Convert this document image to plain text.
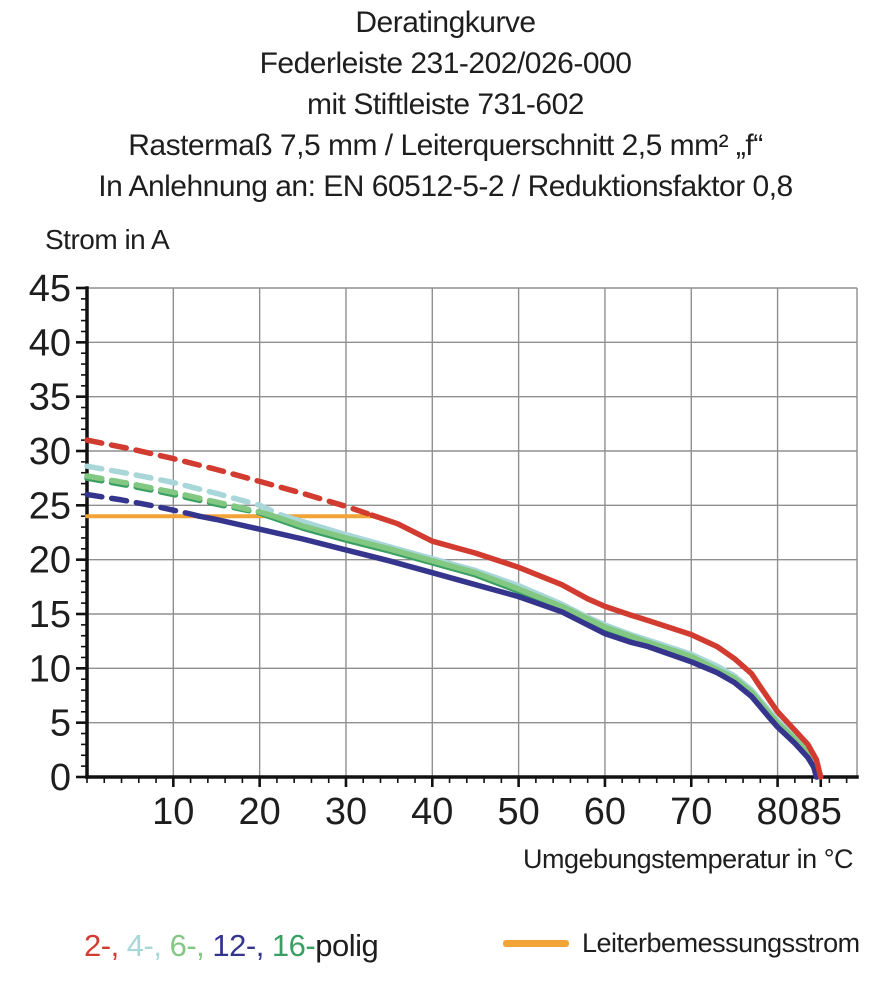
Deratingkurve
Federleiste 231-202/026-000
mit Stiftleiste 731-602
Rastermaß 7,5 mm / Leiterquerschnitt 2,5 mm² „f“
In Anlehnung an: EN 60512-5-2 / Reduktionsfaktor 0,8
Strom in A
0
5
10
15
20
25
30
35
40
45
10 20 30 40 50 60 70 80 85
Umgebungstemperatur in °C
2-, 4-, 6-, 12-, 16-polig	Leiterbemessungsstrom
